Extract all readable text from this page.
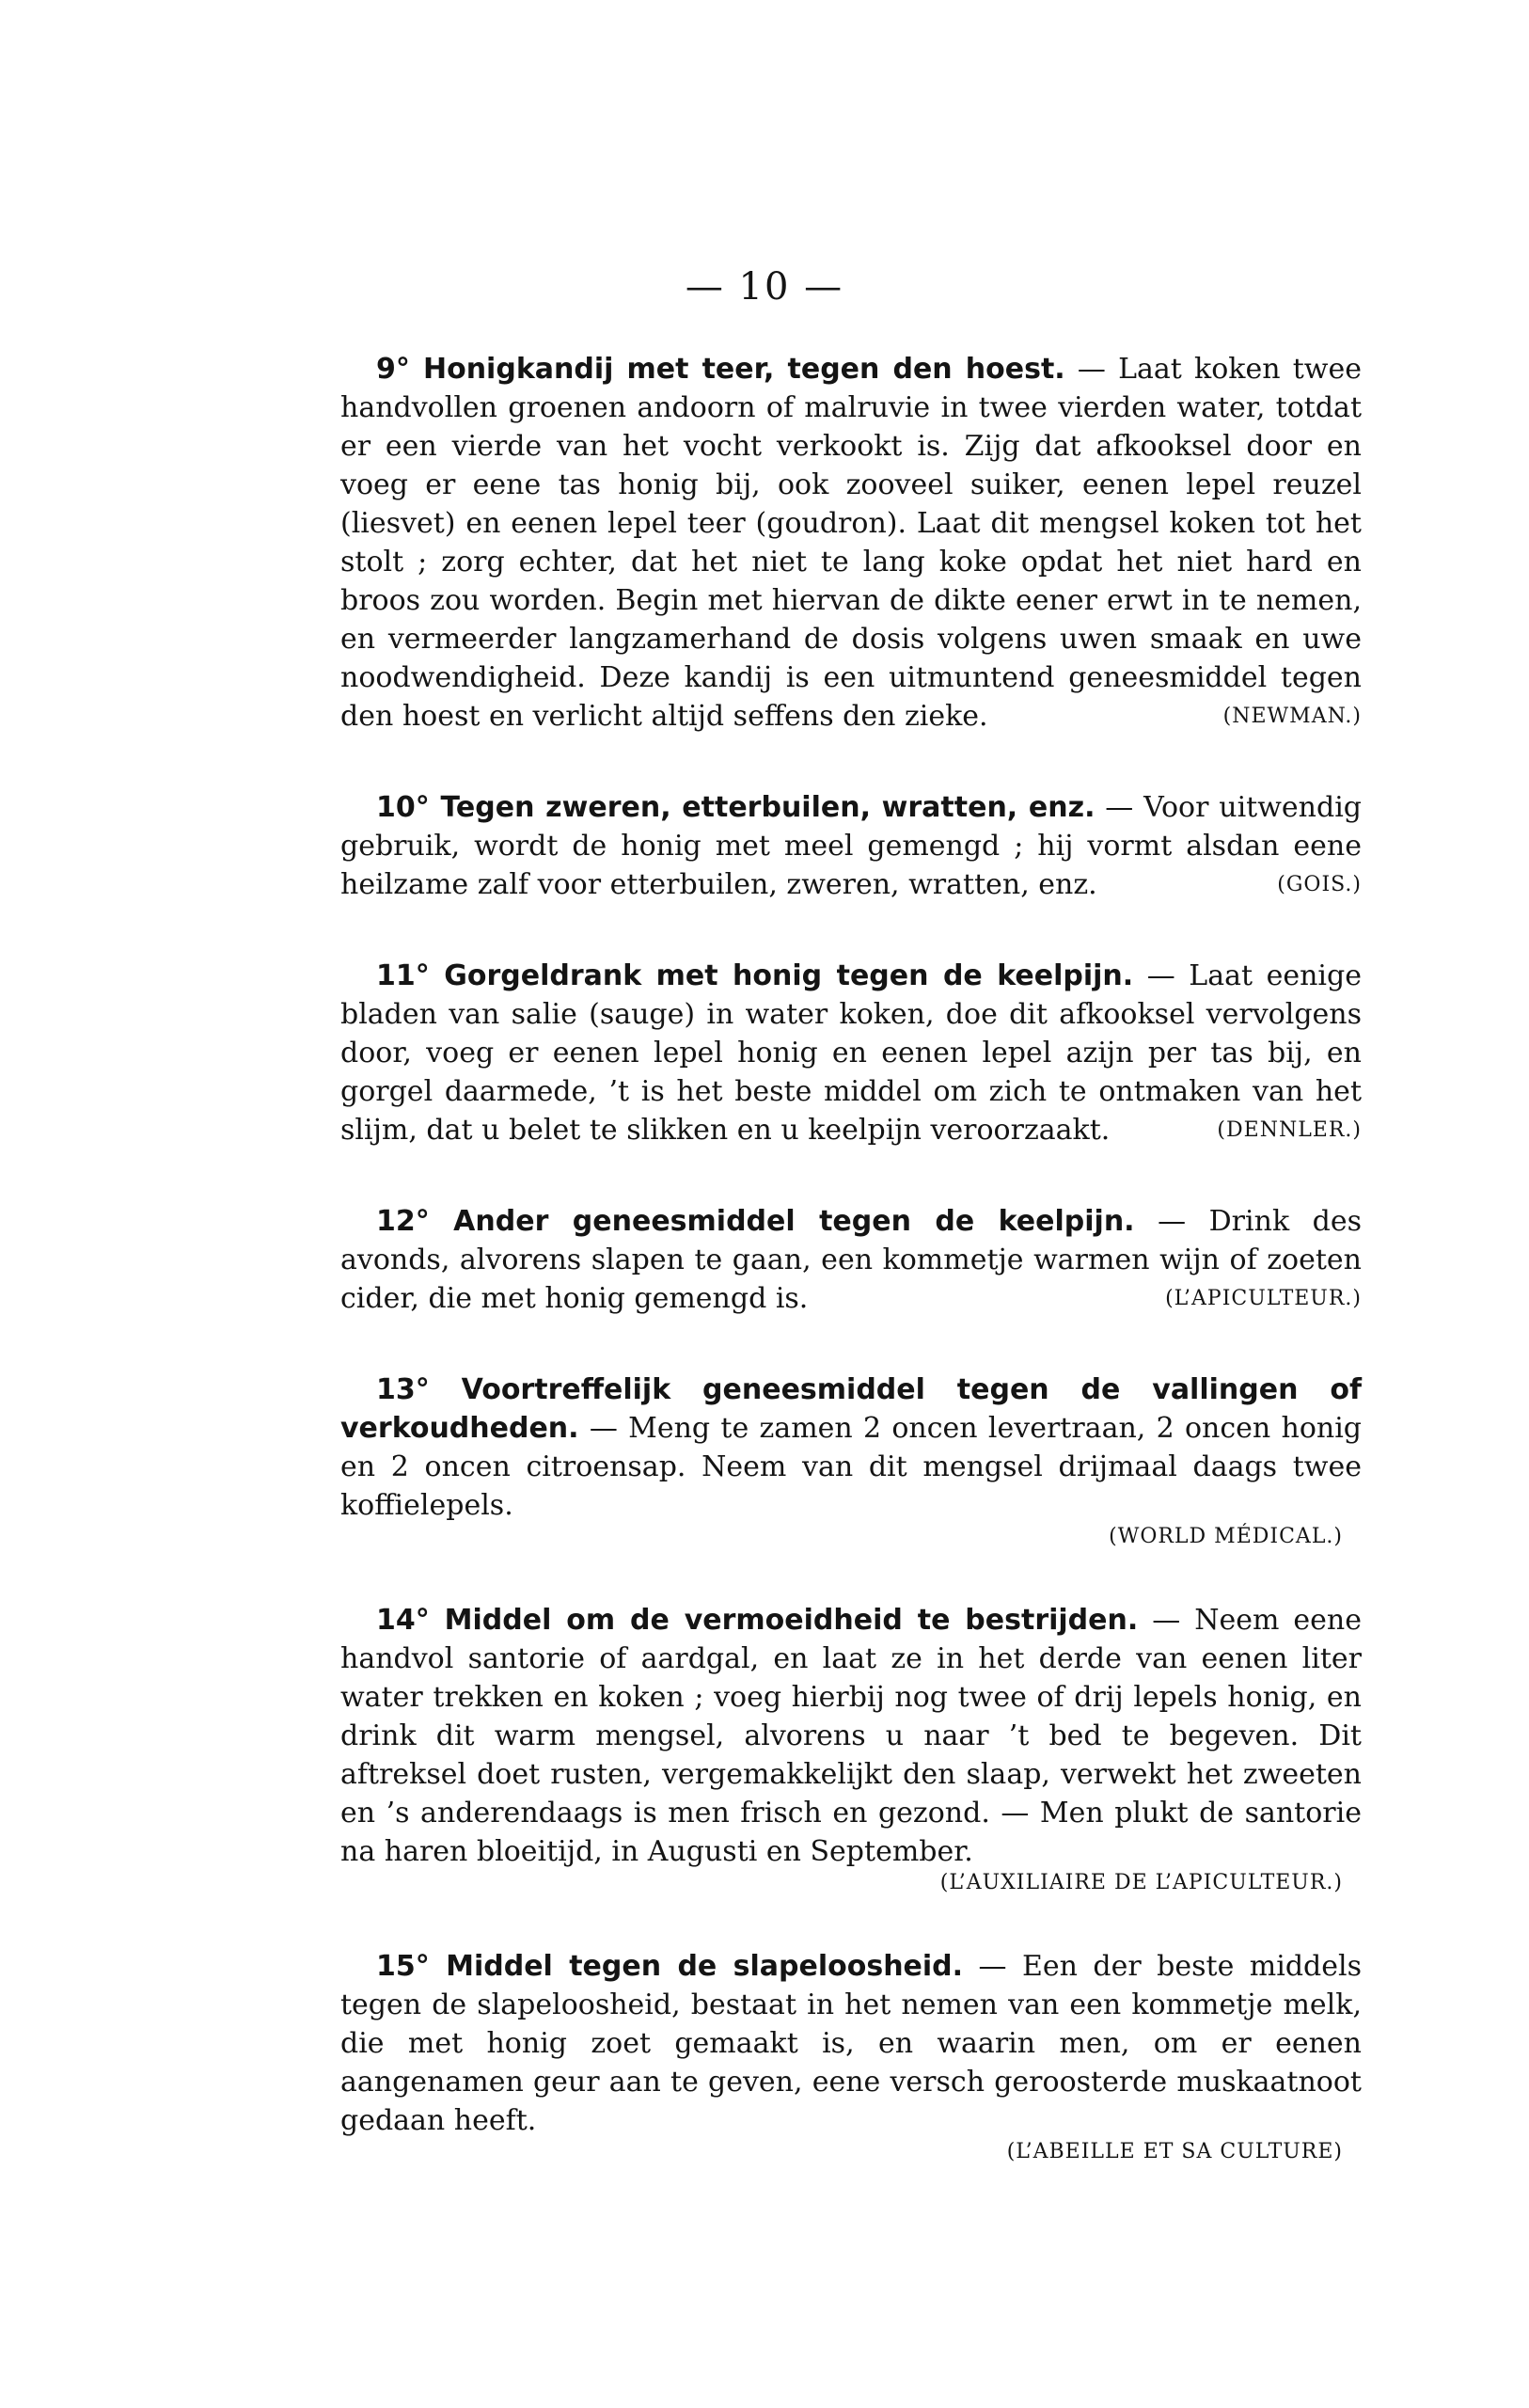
— 10 —

9° Honigkandij met teer, tegen den hoest. — Laat koken twee handvollen groenen andoorn of malruvie in twee vierden water, totdat er een vierde van het vocht verkookt is. Zijg dat afkooksel door en voeg er eene tas honig bij, ook zooveel suiker, eenen lepel reuzel (liesvet) en eenen lepel teer (goudron). Laat dit mengsel koken tot het stolt ; zorg echter, dat het niet te lang koke opdat het niet hard en broos zou worden. Begin met hiervan de dikte eener erwt in te nemen, en vermeerder langzamerhand de dosis volgens uwen smaak en uwe noodwendigheid. Deze kandij is een uitmuntend geneesmiddel tegen den hoest en verlicht altijd seffens den zieke.	(NEWMAN.)

10° Tegen zweren, etterbuilen, wratten, enz. — Voor uitwendig gebruik, wordt de honig met meel gemengd ; hij vormt alsdan eene heilzame zalf voor etterbuilen, zweren, wratten, enz.	(GOIS.)

11° Gorgeldrank met honig tegen de keelpijn. — Laat eenige bladen van salie (sauge) in water koken, doe dit afkooksel vervolgens door, voeg er eenen lepel honig en eenen lepel azijn per tas bij, en gorgel daarmede, ’t is het beste middel om zich te ontmaken van het slijm, dat u belet te slikken en u keelpijn veroorzaakt.	(DENNLER.)

12° Ander geneesmiddel tegen de keelpijn. — Drink des avonds, alvorens slapen te gaan, een kommetje warmen wijn of zoeten cider, die met honig gemengd is.	(L’APICULTEUR.)

13° Voortreffelijk geneesmiddel tegen de vallingen of verkoudheden. — Meng te zamen 2 oncen levertraan, 2 oncen honig en 2 oncen citroensap. Neem van dit mengsel drijmaal daags twee koffielepels.

(WORLD MÉDICAL.)

14° Middel om de vermoeidheid te bestrijden. — Neem eene handvol santorie of aardgal, en laat ze in het derde van eenen liter water trekken en koken ; voeg hierbij nog twee of drij lepels honig, en drink dit warm mengsel, alvorens u naar ’t bed te begeven. Dit aftreksel doet rusten, vergemakkelijkt den slaap, verwekt het zweeten en ’s anderendaags is men frisch en gezond. — Men plukt de santorie na haren bloeitijd, in Augusti en September.

(L’AUXILIAIRE DE L’APICULTEUR.)

15° Middel tegen de slapeloosheid. — Een der beste middels tegen de slapeloosheid, bestaat in het nemen van een kommetje melk, die met honig zoet gemaakt is, en waarin men, om er eenen aangenamen geur aan te geven, eene versch geroosterde muskaatnoot gedaan heeft.

(L’ABEILLE ET SA CULTURE)
